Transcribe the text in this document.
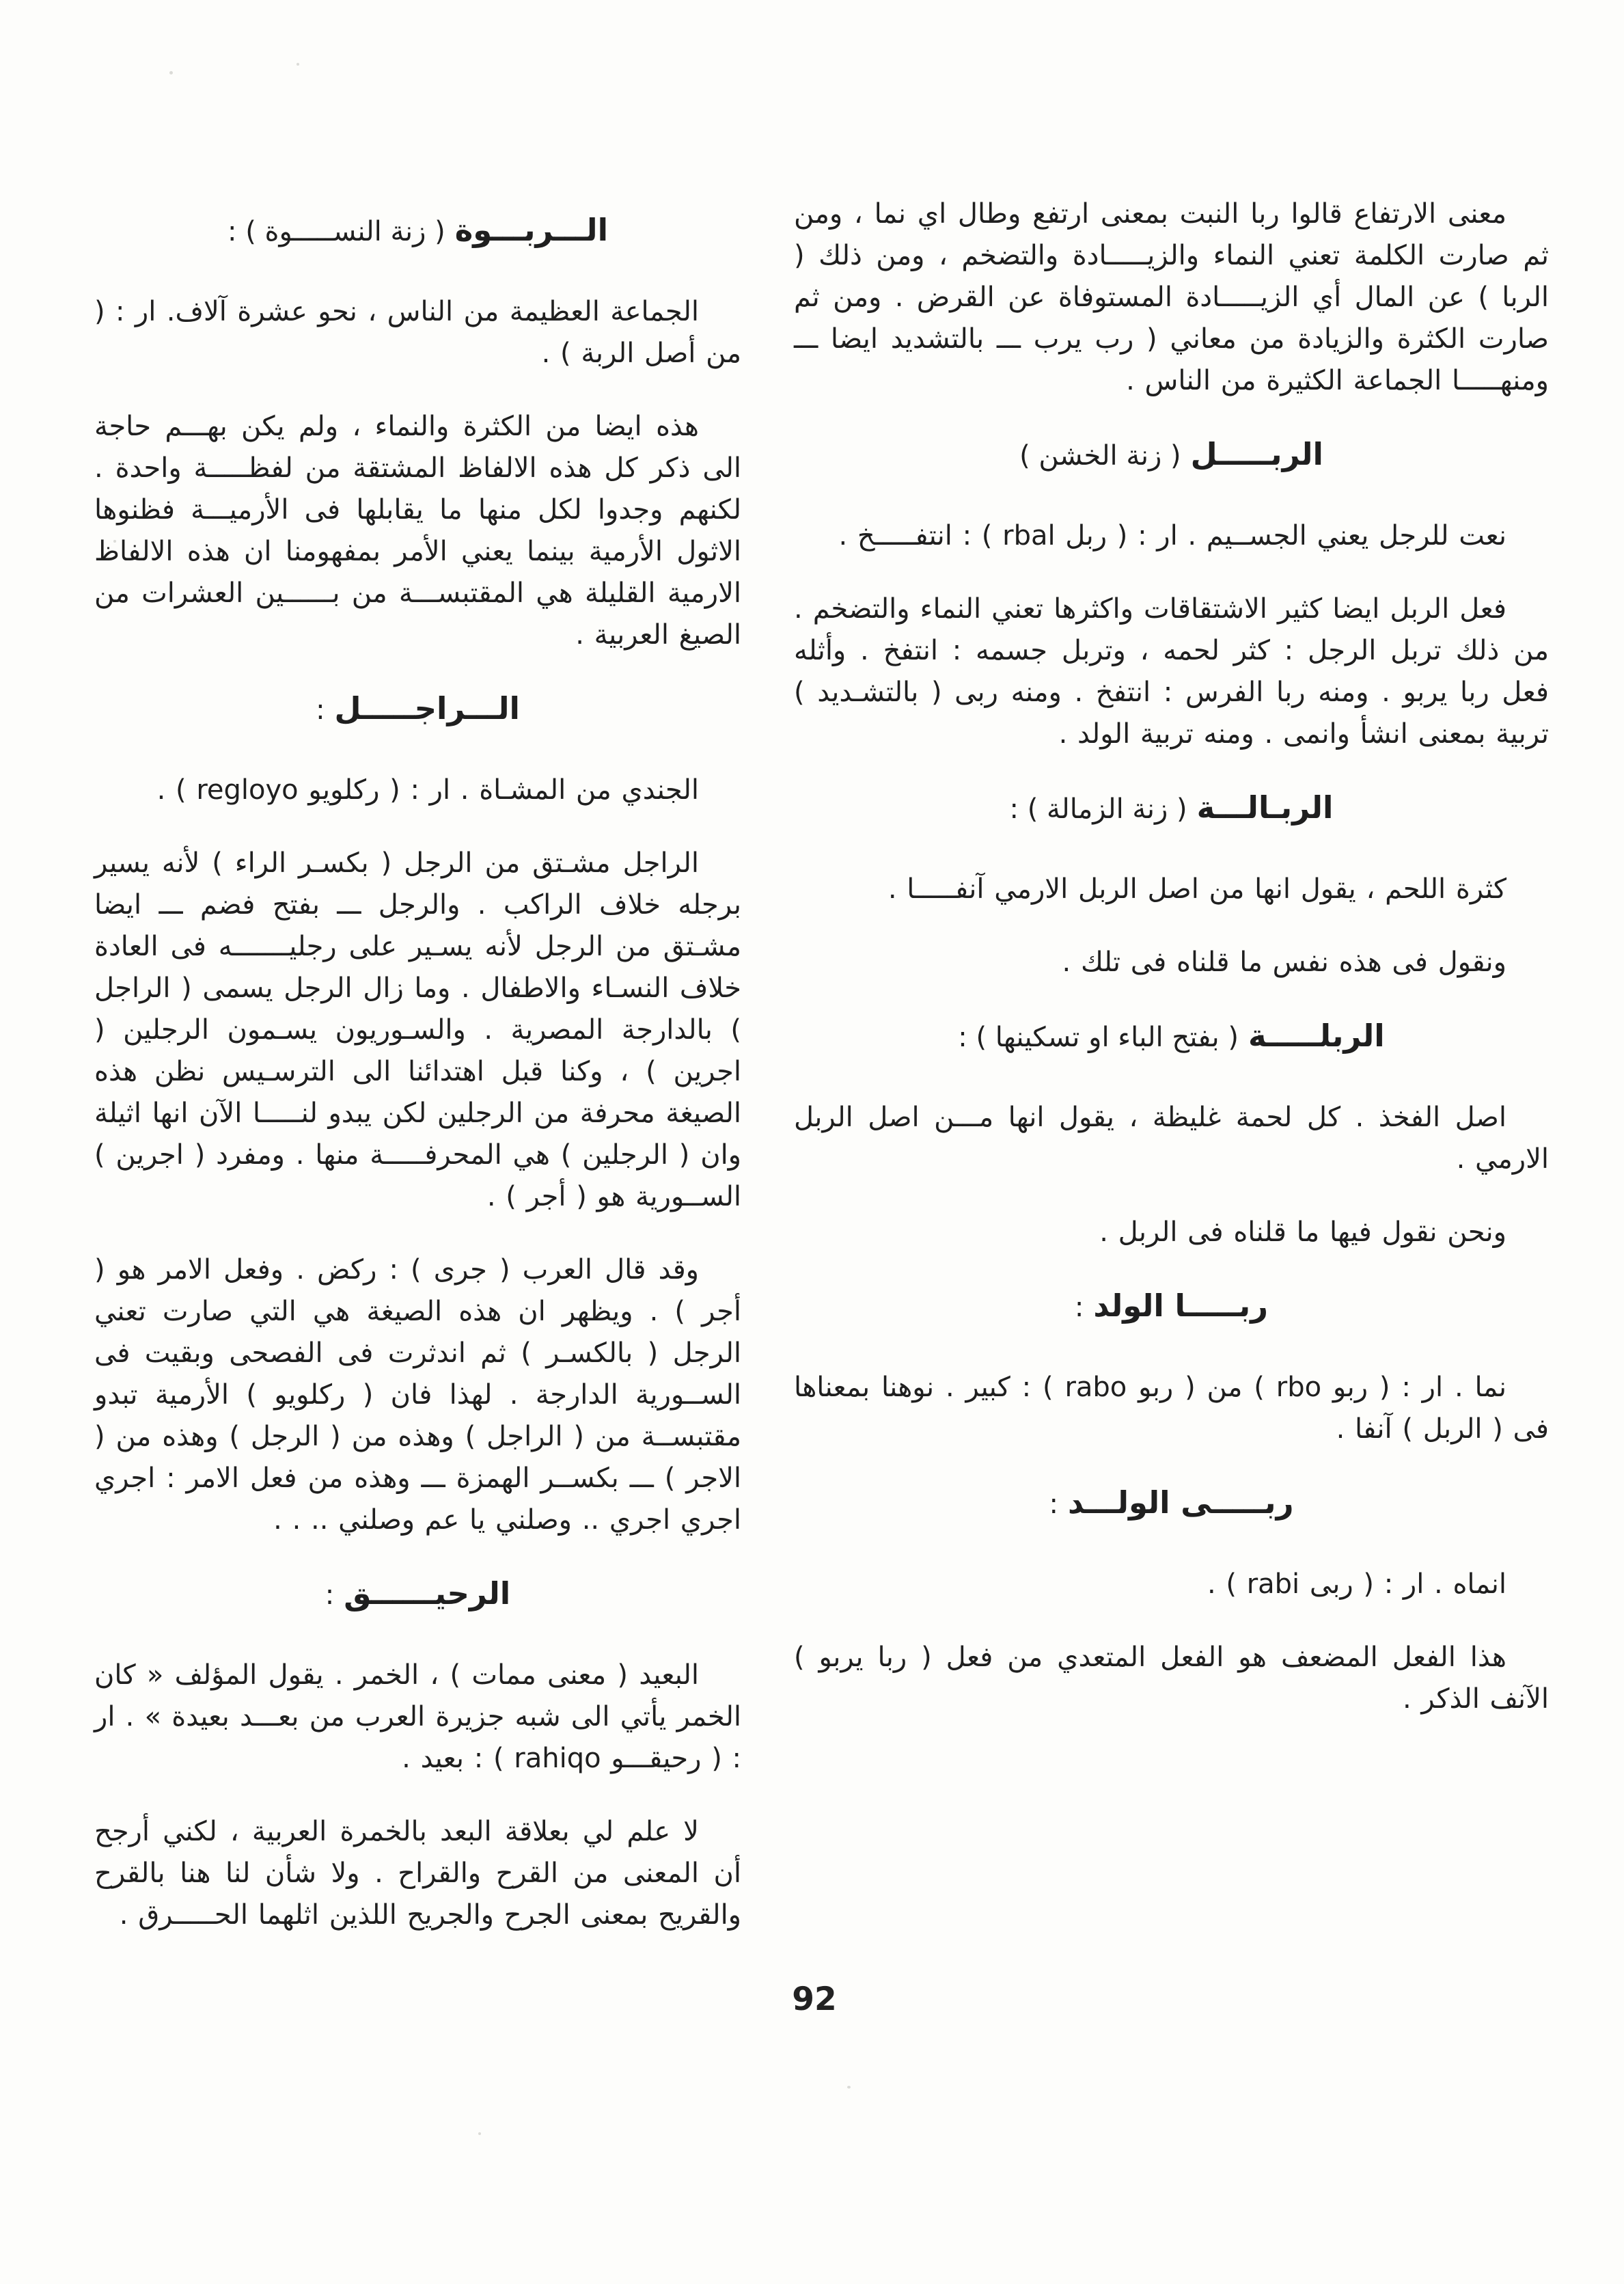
معنى الارتفاع قالوا ربا النبت بمعنى ارتفع وطال اي نما ، ومن ثم صارت الكلمة تعني النماء والزيـــــادة والتضخم ، ومن ذلك ( الربا ) عن المال أي الزيـــــادة المستوفاة عن القرض . ومن ثم صارت الكثرة والزيادة من معاني ( رب يرب ـــ بالتشديد ايضا ـــ ومنهـــــا الجماعة الكثيرة من الناس .

الربـــــل( زنة الخشن )

نعت للرجل يعني الجســيم . ار : ( ربل rbal ) : انتفـــــخ .

فعل الربل ايضا كثير الاشتقاقات واكثرها تعني النماء والتضخم . من ذلك تربل الرجل : كثر لحمه ، وتربل جسمه : انتفخ . وأثله فعل ربا يربو . ومنه ربا الفرس : انتفخ . ومنه ربى ( بالتشـديد ) تربية بمعنى انشأ وانمى . ومنه تربية الولد .

الربـالـــة( زنة الزمالة ) :

كثرة اللحم ، يقول انها من اصل الربل الارمي آنفـــــا .

ونقول فى هذه نفس ما قلناه فى تلك .

الربلـــــة( بفتح الباء او تسكينها ) :

اصل الفخذ . كل لحمة غليظة ، يقول انها مـــن اصل الربل الارمي .

ونحن نقول فيها ما قلناه فى الربل .

ربـــــا الولد:

نما . ار : ( ربو rbo ) من ( ربو rabo ) : كبير . نوهنا بمعناها فى ( الربل ) آنفا .

ربـــــى الولـــد:

انماه . ار : ( ربى rabi ) .

هذا الفعل المضعف هو الفعل المتعدي من فعل ( ربا يربو ) الآنف الذكر .

الـــربـــوة( زنة النســـــوة ) :

الجماعة العظيمة من الناس ، نحو عشرة آلاف. ار : ( من أصل الربة ) .

هذه ايضا من الكثرة والنماء ، ولم يكن بهـــم حاجة الى ذكر كل هذه الالفاظ المشتقة من لفظـــــة واحدة . لكنهم وجدوا لكل منها ما يقابلها فى الأرميـــة فظنوها الاثول الأرمية بينما يعني الأمر بمفهومنا ان هذه الالفاظ الارمية القليلة هي المقتبســـة من بــــــين العشرات من الصيغ العربية .

الـــراجـــــل:

الجندي من المشـاة . ار : ( ركلويو regloyo ) .

الراجل مشـتق من الرجل ( بكسـر الراء ) لأنه يسير برجله خلاف الراكب . والرجل ـــ بفتح فضم ـــ ايضا مشـتق من الرجل لأنه يسـير على رجليـــــــه فى العادة خلاف النسـاء والاطفال . وما زال الرجل يسمى ( الراجل ) بالدارجة المصرية . والسـوريون يسـمون الرجلين ( اجرين ) ، وكنا قبل اهتدائنا الى الترسـيس نظن هذه الصيغة محرفة من الرجلين لكن يبدو لنـــــا الآن انها اثيلة وان ( الرجلين ) هي المحرفـــــة منها . ومفرد ( اجرين ) الســورية هو ( أجر ) .

وقد قال العرب ( جرى ) : ركض . وفعل الامر هو ( أجر ) . ويظهر ان هذه الصيغة هي التي صارت تعني الرجل ( بالكسـر ) ثم اندثرت فى الفصحى وبقيت فى الســورية الدارجة . لهذا فان ( ركلويو ) الأرمية تبدو مقتبســة من ( الراجل ) وهذه من ( الرجل ) وهذه من ( الاجر ) ـــ بكســر الهمزة ـــ وهذه من فعل الامر : اجري اجري اجري .. وصلني يا عم وصلني .. . .

الرحيــــــق:

البعيد ( معنى ممات ) ، الخمر . يقول المؤلف « كان الخمر يأتي الى شبه جزيرة العرب من بعـــد بعيدة » . ار : ( رحيقـــو rahiqo ) : بعيد .

لا علم لي بعلاقة البعد بالخمرة العربية ، لكني أرجح أن المعنى من القرح والقراح . ولا شأن لنا هنا بالقرح والقريح بمعنى الجرح والجريح اللذين اثلهما الحـــــرق .

92
